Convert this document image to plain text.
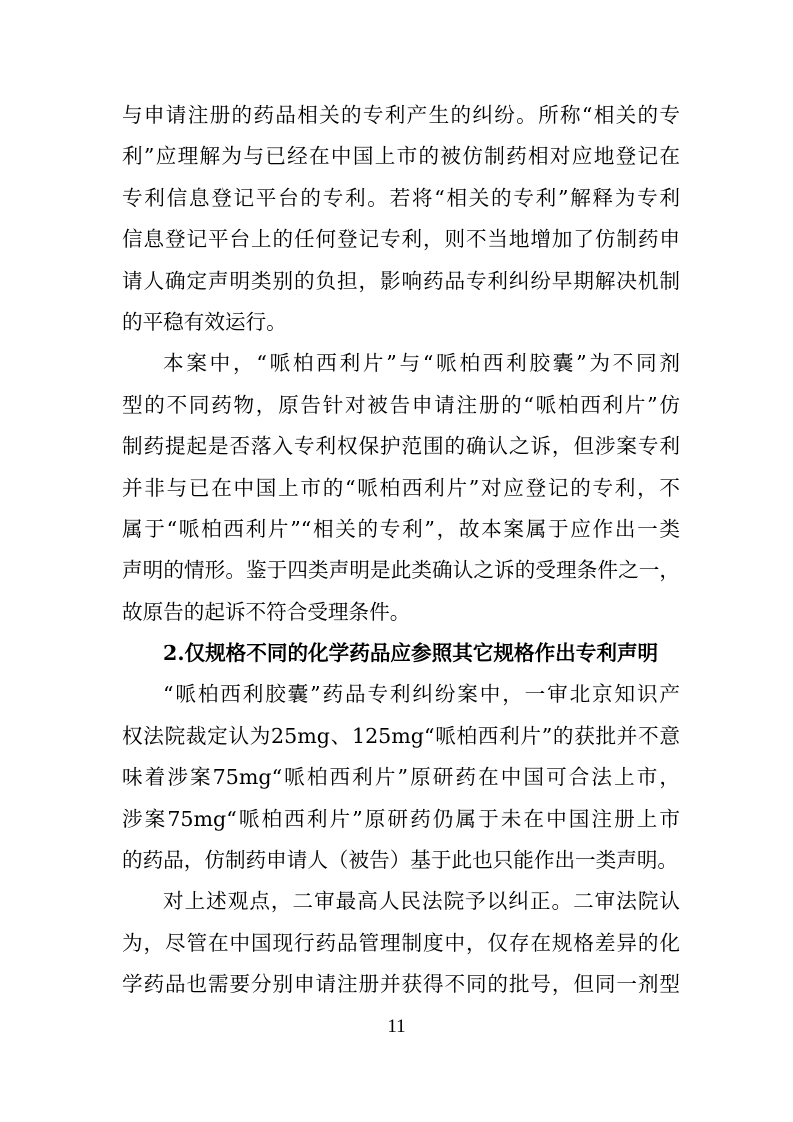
与申请注册的药品相关的专利产生的纠纷。所称“相关的专
利”应理解为与已经在中国上市的被仿制药相对应地登记在
专利信息登记平台的专利。若将“相关的专利”解释为专利
信息登记平台上的任何登记专利，则不当地增加了仿制药申
请人确定声明类别的负担，影响药品专利纠纷早期解决机制
的平稳有效运行。
本案中，“哌柏西利片”与“哌柏西利胶囊”为不同剂
型的不同药物，原告针对被告申请注册的“哌柏西利片”仿
制药提起是否落入专利权保护范围的确认之诉，但涉案专利
并非与已在中国上市的“哌柏西利片”对应登记的专利，不
属于“哌柏西利片”“相关的专利”，故本案属于应作出一类
声明的情形。鉴于四类声明是此类确认之诉的受理条件之一，
故原告的起诉不符合受理条件。
2.仅规格不同的化学药品应参照其它规格作出专利声明
“哌柏西利胶囊”药品专利纠纷案中，一审北京知识产
权法院裁定认为25mg、125mg“哌柏西利片”的获批并不意
味着涉案75mg“哌柏西利片”原研药在中国可合法上市，
涉案75mg“哌柏西利片”原研药仍属于未在中国注册上市
的药品，仿制药申请人（被告）基于此也只能作出一类声明。
对上述观点，二审最高人民法院予以纠正。二审法院认
为，尽管在中国现行药品管理制度中，仅存在规格差异的化
学药品也需要分别申请注册并获得不同的批号，但同一剂型
11
